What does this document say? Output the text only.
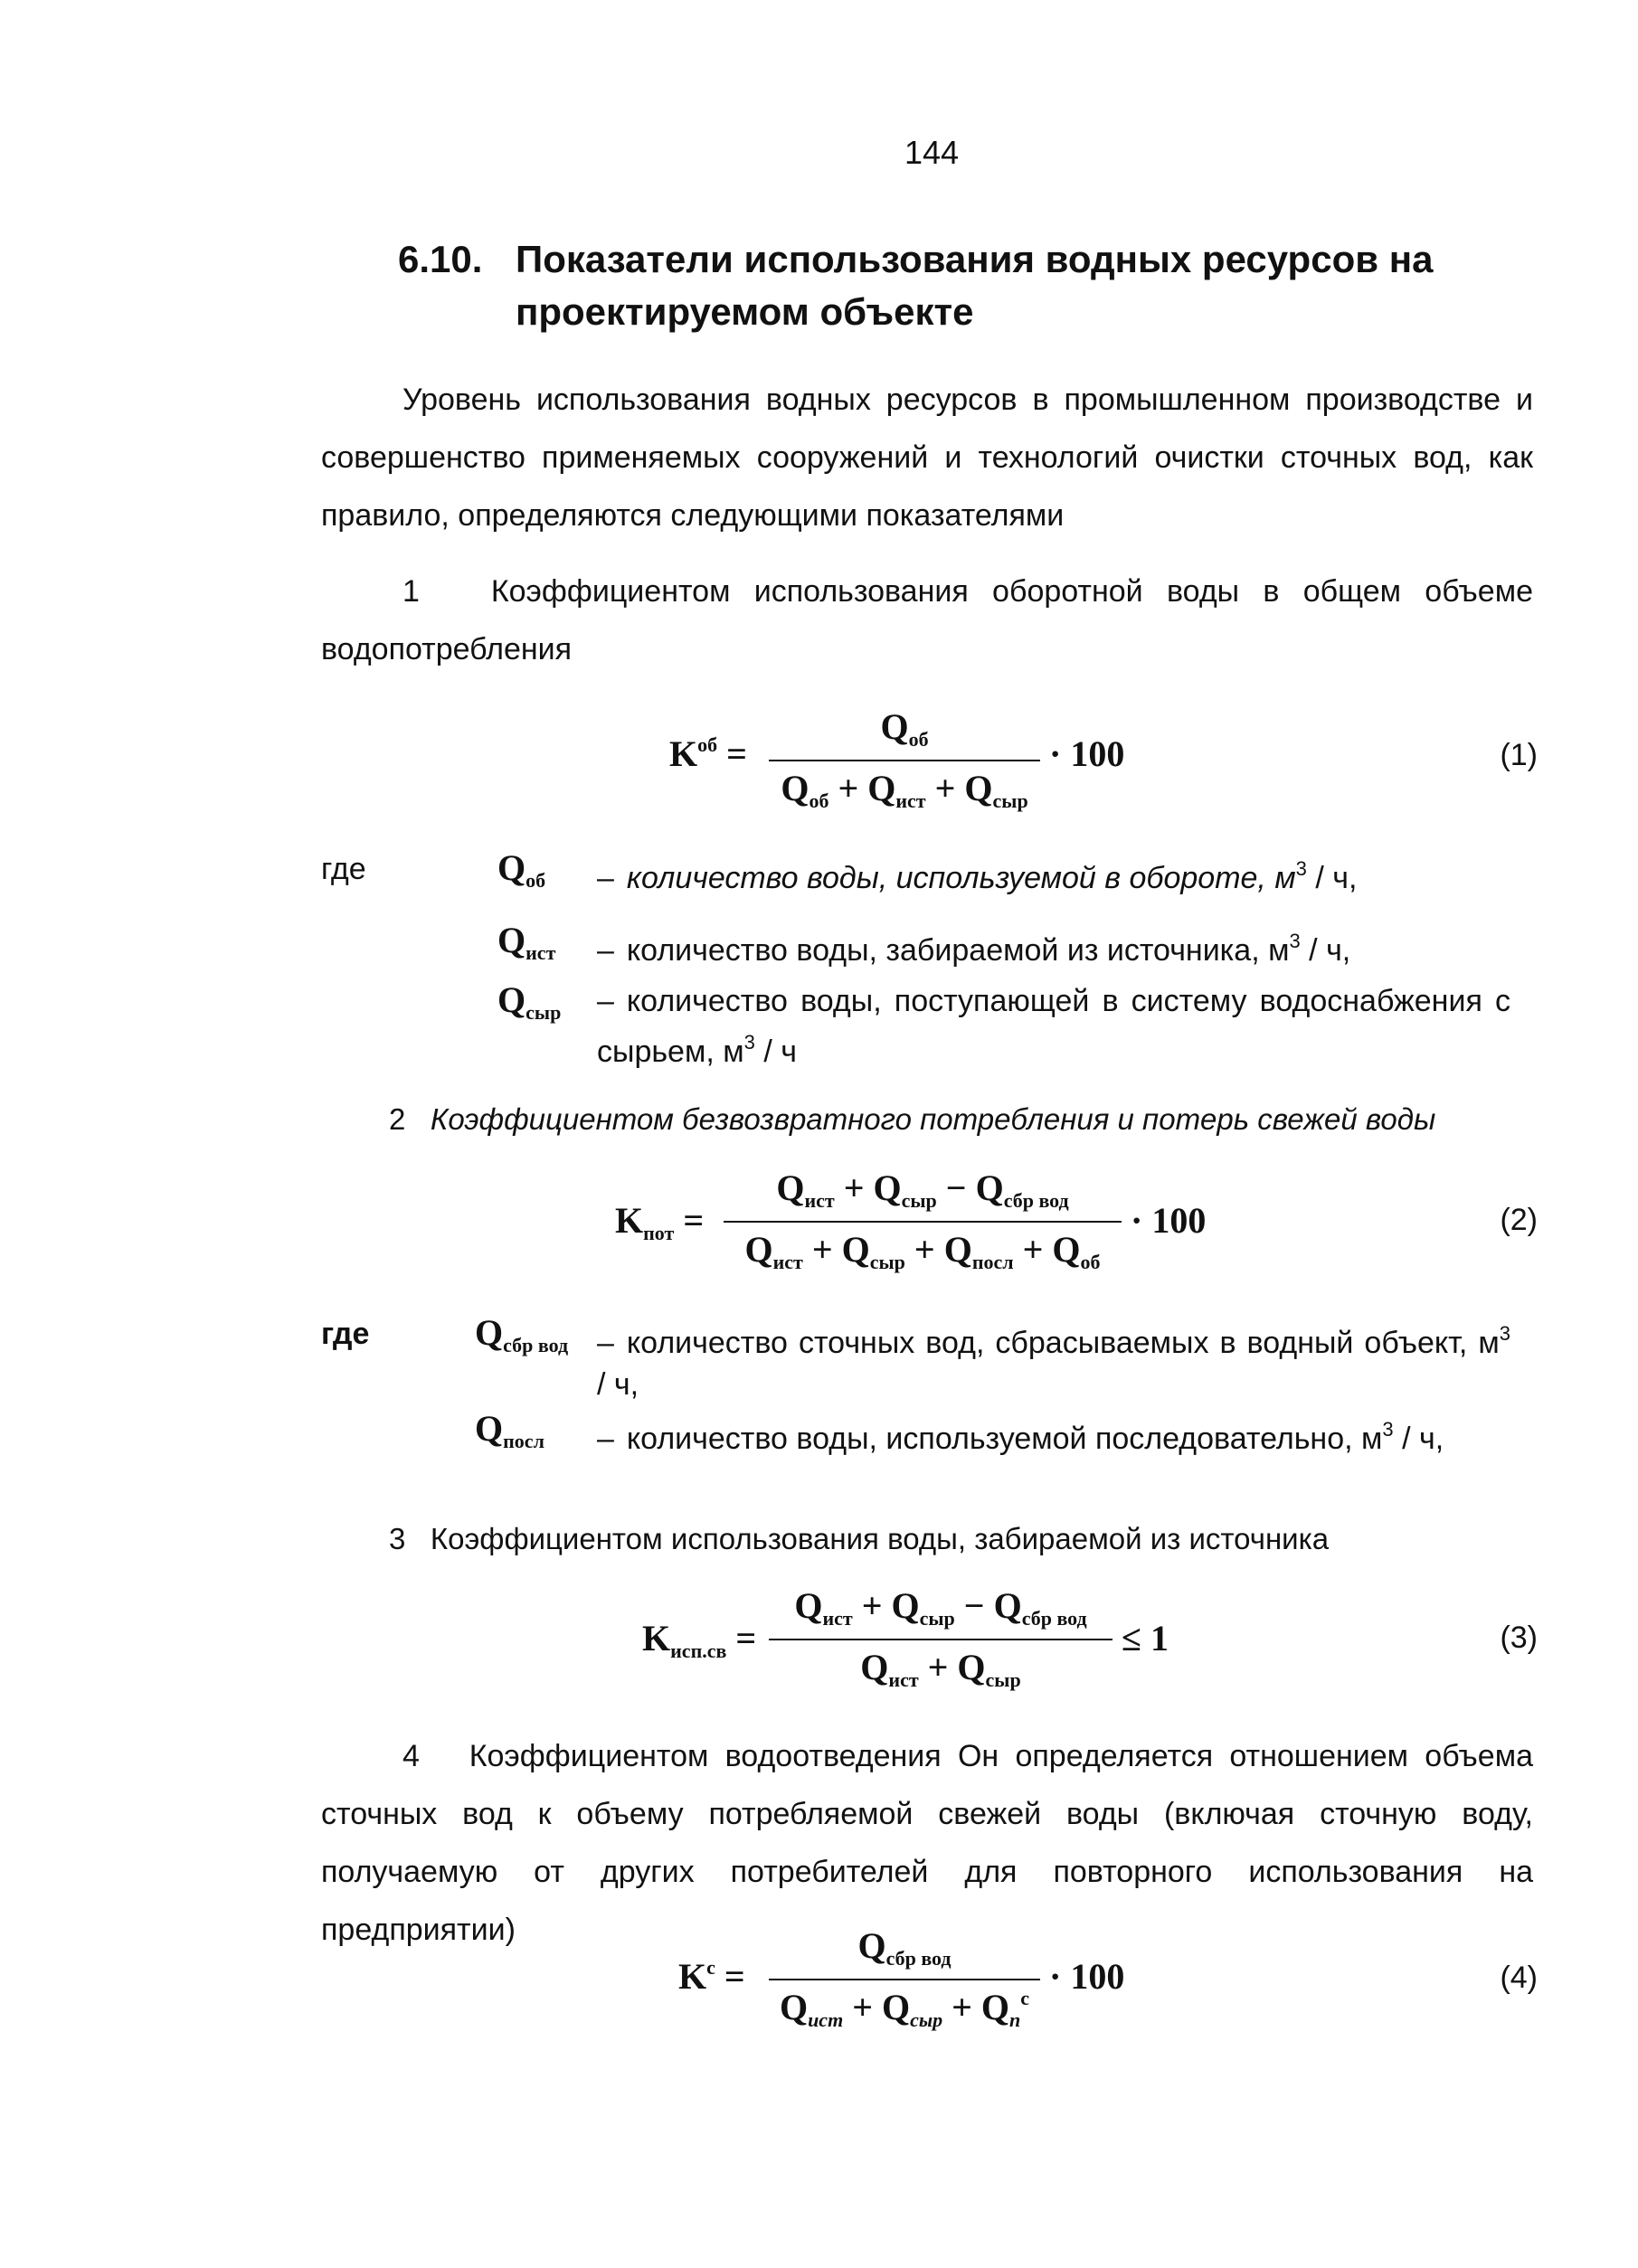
144
6.10. Показатели использования водных ресурсов на проектируемом объекте
Уровень использования водных ресурсов в промышленном производстве и совершенство применяемых сооружений и технологий очистки сточных вод, как правило, определяются следующими показателями
1 Коэффициентом использования оборотной воды в общем объеме водопотребления
$K^{об}$ =
$Q_{об}$
$Q_{об} + Q_{ист} + Q_{сыр}$
· 100	(1)
где	$Q_{об}$ – количество воды, используемой в обороте, $м^3$ / ч,
$Q_{ист}$ – количество воды, забираемой из источника, $м^3$ / ч,
$Q_{сыр}$ – количество воды, поступающей в систему водоснабжения с сырьем, $м^3$ / ч
2 Коэффициентом безвозвратного потребления и потерь свежей воды
$K_{пот}$ =
$Q_{ист} + Q_{сыр} - Q_{сбр вод}$
$Q_{ист} + Q_{сыр} + Q_{посл} + Q_{об}$
· 100	(2)
где	$Q_{сбр вод}$ – количество сточных вод, сбрасываемых в водный объект, $м^3$ / ч,
$Q_{посл}$ – количество воды, используемой последовательно, $м^3$ / ч,
3 Коэффициентом использования воды, забираемой из источника
$K_{исп.св}$ =
$Q_{ист} + Q_{сыр} - Q_{сбр вод}$
$Q_{ист} + Q_{сыр}$
≤ 1	(3)
4 Коэффициентом водоотведения Он определяется отношением объема сточных вод к объему потребляемой свежей воды (включая сточную воду, получаемую от других потребителей для повторного использования на предприятии)
$K^с$ =
$Q_{сбр вод}$
$Q_{ист} + Q_{сыр} + Q_п^с$
· 100	(4)
